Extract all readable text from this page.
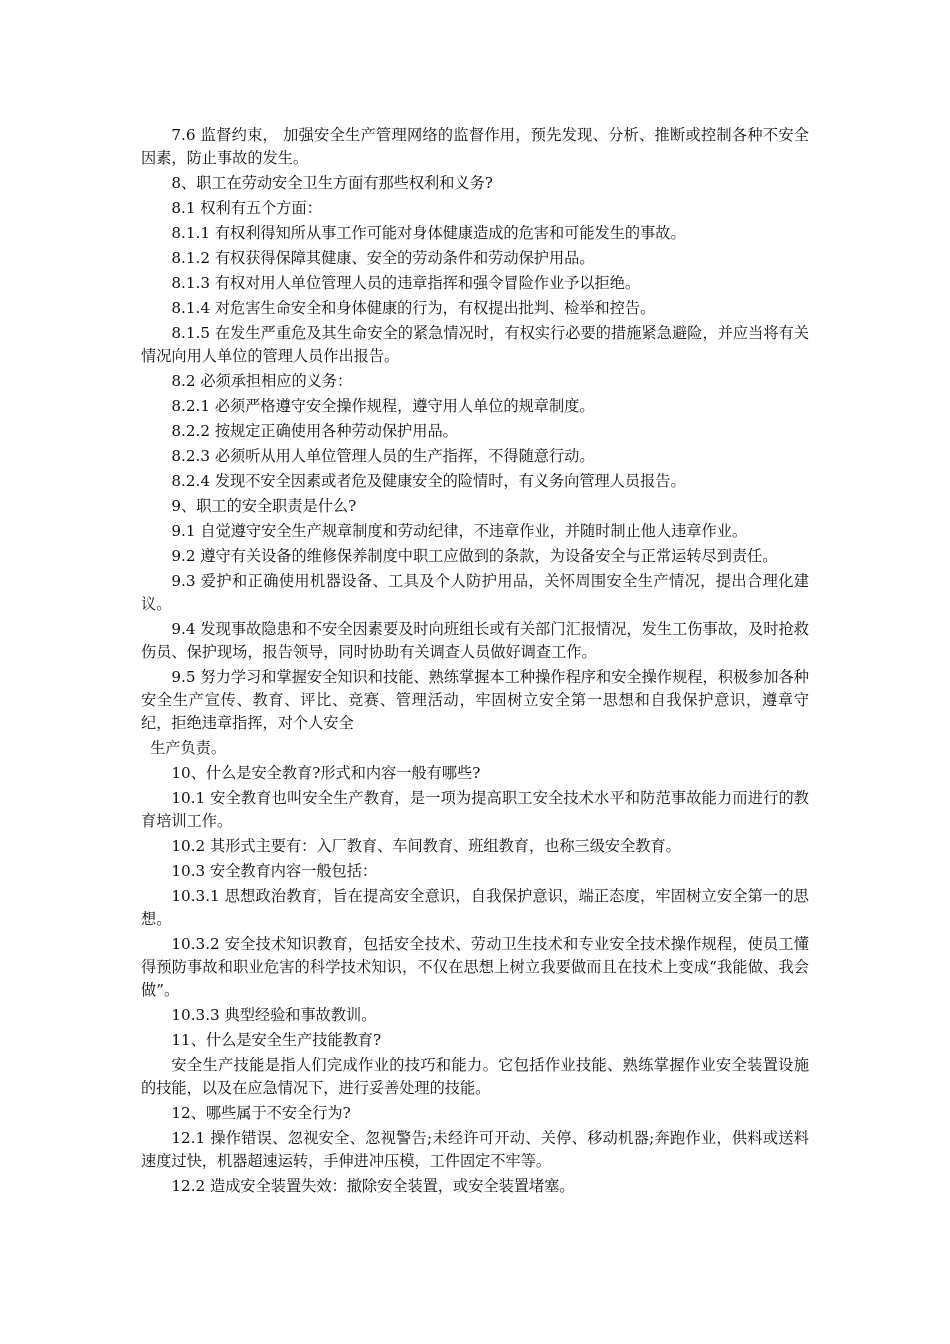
7.6 监督约束， 加强安全生产管理网络的监督作用，预先发现、分析、推断或控制各种不安全因素，防止事故的发生。

8、职工在劳动安全卫生方面有那些权利和义务?

8.1 权利有五个方面：

8.1.1 有权利得知所从事工作可能对身体健康造成的危害和可能发生的事故。

8.1.2 有权获得保障其健康、安全的劳动条件和劳动保护用品。

8.1.3 有权对用人单位管理人员的违章指挥和强令冒险作业予以拒绝。

8.1.4 对危害生命安全和身体健康的行为，有权提出批判、检举和控告。

8.1.5 在发生严重危及其生命安全的紧急情况时，有权实行必要的措施紧急避险，并应当将有关情况向用人单位的管理人员作出报告。

8.2 必须承担相应的义务：

8.2.1 必须严格遵守安全操作规程，遵守用人单位的规章制度。

8.2.2 按规定正确使用各种劳动保护用品。

8.2.3 必须听从用人单位管理人员的生产指挥，不得随意行动。

8.2.4 发现不安全因素或者危及健康安全的险情时，有义务向管理人员报告。

9、职工的安全职责是什么?

9.1 自觉遵守安全生产规章制度和劳动纪律，不违章作业，并随时制止他人违章作业。

9.2 遵守有关设备的维修保养制度中职工应做到的条款，为设备安全与正常运转尽到责任。

9.3 爱护和正确使用机器设备、工具及个人防护用品，关怀周围安全生产情况，提出合理化建议。

9.4 发现事故隐患和不安全因素要及时向班组长或有关部门汇报情况，发生工伤事故，及时抢救伤员、保护现场，报告领导，同时协助有关调查人员做好调查工作。

9.5 努力学习和掌握安全知识和技能、熟练掌握本工种操作程序和安全操作规程，积极参加各种安全生产宣传、教育、评比、竞赛、管理活动，牢固树立安全第一思想和自我保护意识，遵章守纪，拒绝违章指挥，对个人安全

生产负责。

10、什么是安全教育?形式和内容一般有哪些?

10.1 安全教育也叫安全生产教育，是一项为提高职工安全技术水平和防范事故能力而进行的教育培训工作。

10.2 其形式主要有：入厂教育、车间教育、班组教育，也称三级安全教育。

10.3 安全教育内容一般包括：

10.3.1 思想政治教育，旨在提高安全意识，自我保护意识，端正态度，牢固树立安全第一的思想。

10.3.2 安全技术知识教育，包括安全技术、劳动卫生技术和专业安全技术操作规程，使员工懂得预防事故和职业危害的科学技术知识，不仅在思想上树立我要做而且在技术上变成“我能做、我会做”。

10.3.3 典型经验和事故教训。

11、什么是安全生产技能教育?

安全生产技能是指人们完成作业的技巧和能力。它包括作业技能、熟练掌握作业安全装置设施的技能，以及在应急情况下，进行妥善处理的技能。

12、哪些属于不安全行为?

12.1 操作错误、忽视安全、忽视警告;未经许可开动、关停、移动机器;奔跑作业，供料或送料速度过快，机器超速运转，手伸进冲压模，工件固定不牢等。

12.2 造成安全装置失效：撤除安全装置，或安全装置堵塞。
